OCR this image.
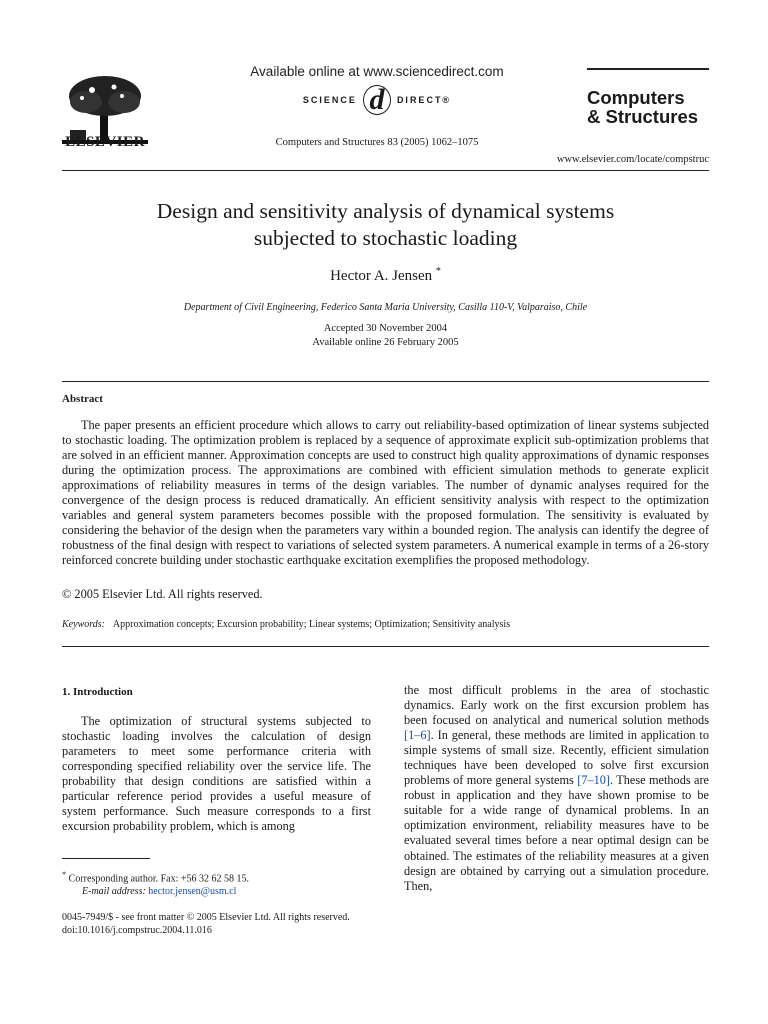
ELSEVIER
Available online at www.sciencedirect.com
SCIENCE d	DIRECT®
Computers and Structures 83 (2005) 1062–1075
Computers
& Structures
www.elsevier.com/locate/compstruc
Design and sensitivity analysis of dynamical systems
subjected to stochastic loading
Hector A. Jensen *
Department of Civil Engineering, Federico Santa Maria University, Casilla 110-V, Valparaiso, Chile
Accepted 30 November 2004
Available online 26 February 2005
Abstract

The paper presents an efficient procedure which allows to carry out reliability-based optimization of linear systems subjected to stochastic loading. The optimization problem is replaced by a sequence of approximate explicit sub-optimization problems that are solved in an efficient manner. Approximation concepts are used to construct high quality approximations of dynamic responses during the optimization process. The approximations are combined with efficient simulation methods to generate explicit approximations of reliability measures in terms of the design variables. The number of dynamic analyses required for the convergence of the design process is reduced dramatically. An efficient sensitivity analysis with respect to the optimization variables and general system parameters becomes possible with the proposed formulation. The sensitivity is evaluated by considering the behavior of the design when the parameters vary within a bounded region. The analysis can identify the degree of robustness of the final design with respect to variations of selected system parameters. A numerical example in terms of a 26-story reinforced concrete building under stochastic earthquake excitation exemplifies the proposed methodology.

© 2005 Elsevier Ltd. All rights reserved.
Keywords: Approximation concepts; Excursion probability; Linear systems; Optimization; Sensitivity analysis
1. Introduction

The optimization of structural systems subjected to stochastic loading involves the calculation of design parameters to meet some performance criteria with corresponding specified reliability over the service life. The probability that design conditions are satisfied within a particular reference period provides a useful measure of system performance. Such measure corresponds to a first excursion probability problem, which is among

the most difficult problems in the area of stochastic dynamics. Early work on the first excursion problem has been focused on analytical and numerical solution methods [1–6]. In general, these methods are limited in application to simple systems of small size. Recently, efficient simulation techniques have been developed to solve first excursion problems of more general systems [7–10]. These methods are robust in application and they have shown promise to be suitable for a wide range of dynamical problems. In an optimization environment, reliability measures have to be evaluated several times before a near optimal design can be obtained. The estimates of the reliability measures at a given design are obtained by carrying out a simulation procedure. Then,

* Corresponding author. Fax: +56 32 62 58 15.
E-mail address: hector.jensen@usm.cl
0045-7949/$ - see front matter © 2005 Elsevier Ltd. All rights reserved.
doi:10.1016/j.compstruc.2004.11.016
